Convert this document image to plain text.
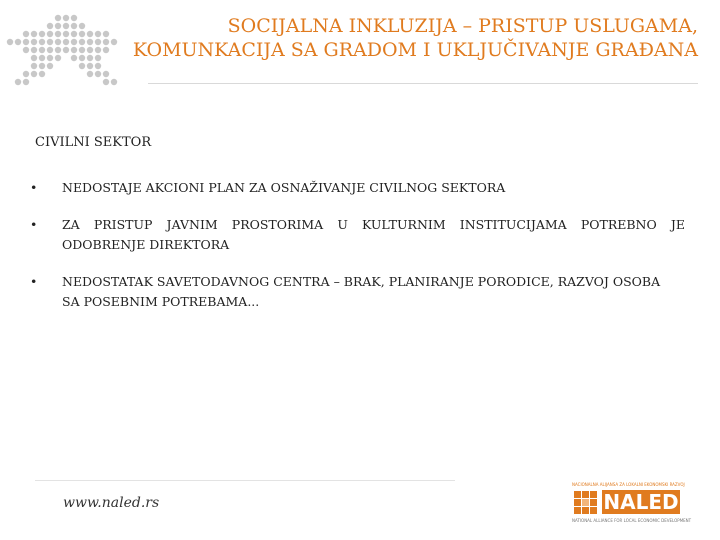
SOCIJALNA INKLUZIJA – PRISTUP USLUGAMA,
KOMUNKACIJA SA GRADOM I UKLJUČIVANJE GRAĐANA
CIVILNI SEKTOR
• NEDOSTAJE AKCIONI PLAN ZA OSNAŽIVANJE CIVILNOG SEKTORA
• ZA PRISTUP JAVNIM PROSTORIMA U KULTURNIM INSTITUCIJAMA POTREBNO JE
ODOBRENJE DIREKTORA
• NEDOSTATAK SAVETODAVNOG CENTRA – BRAK, PLANIRANJE PORODICE, RAZVOJ OSOBA
SA POSEBNIM POTREBAMA...
www.naled.rs
NACIONALNA ALIJANSA ZA LOKALNI EKONOMSKI RAZVOJ
NALED
NATIONAL ALLIANCE FOR LOCAL ECONOMIC DEVELOPMENT
